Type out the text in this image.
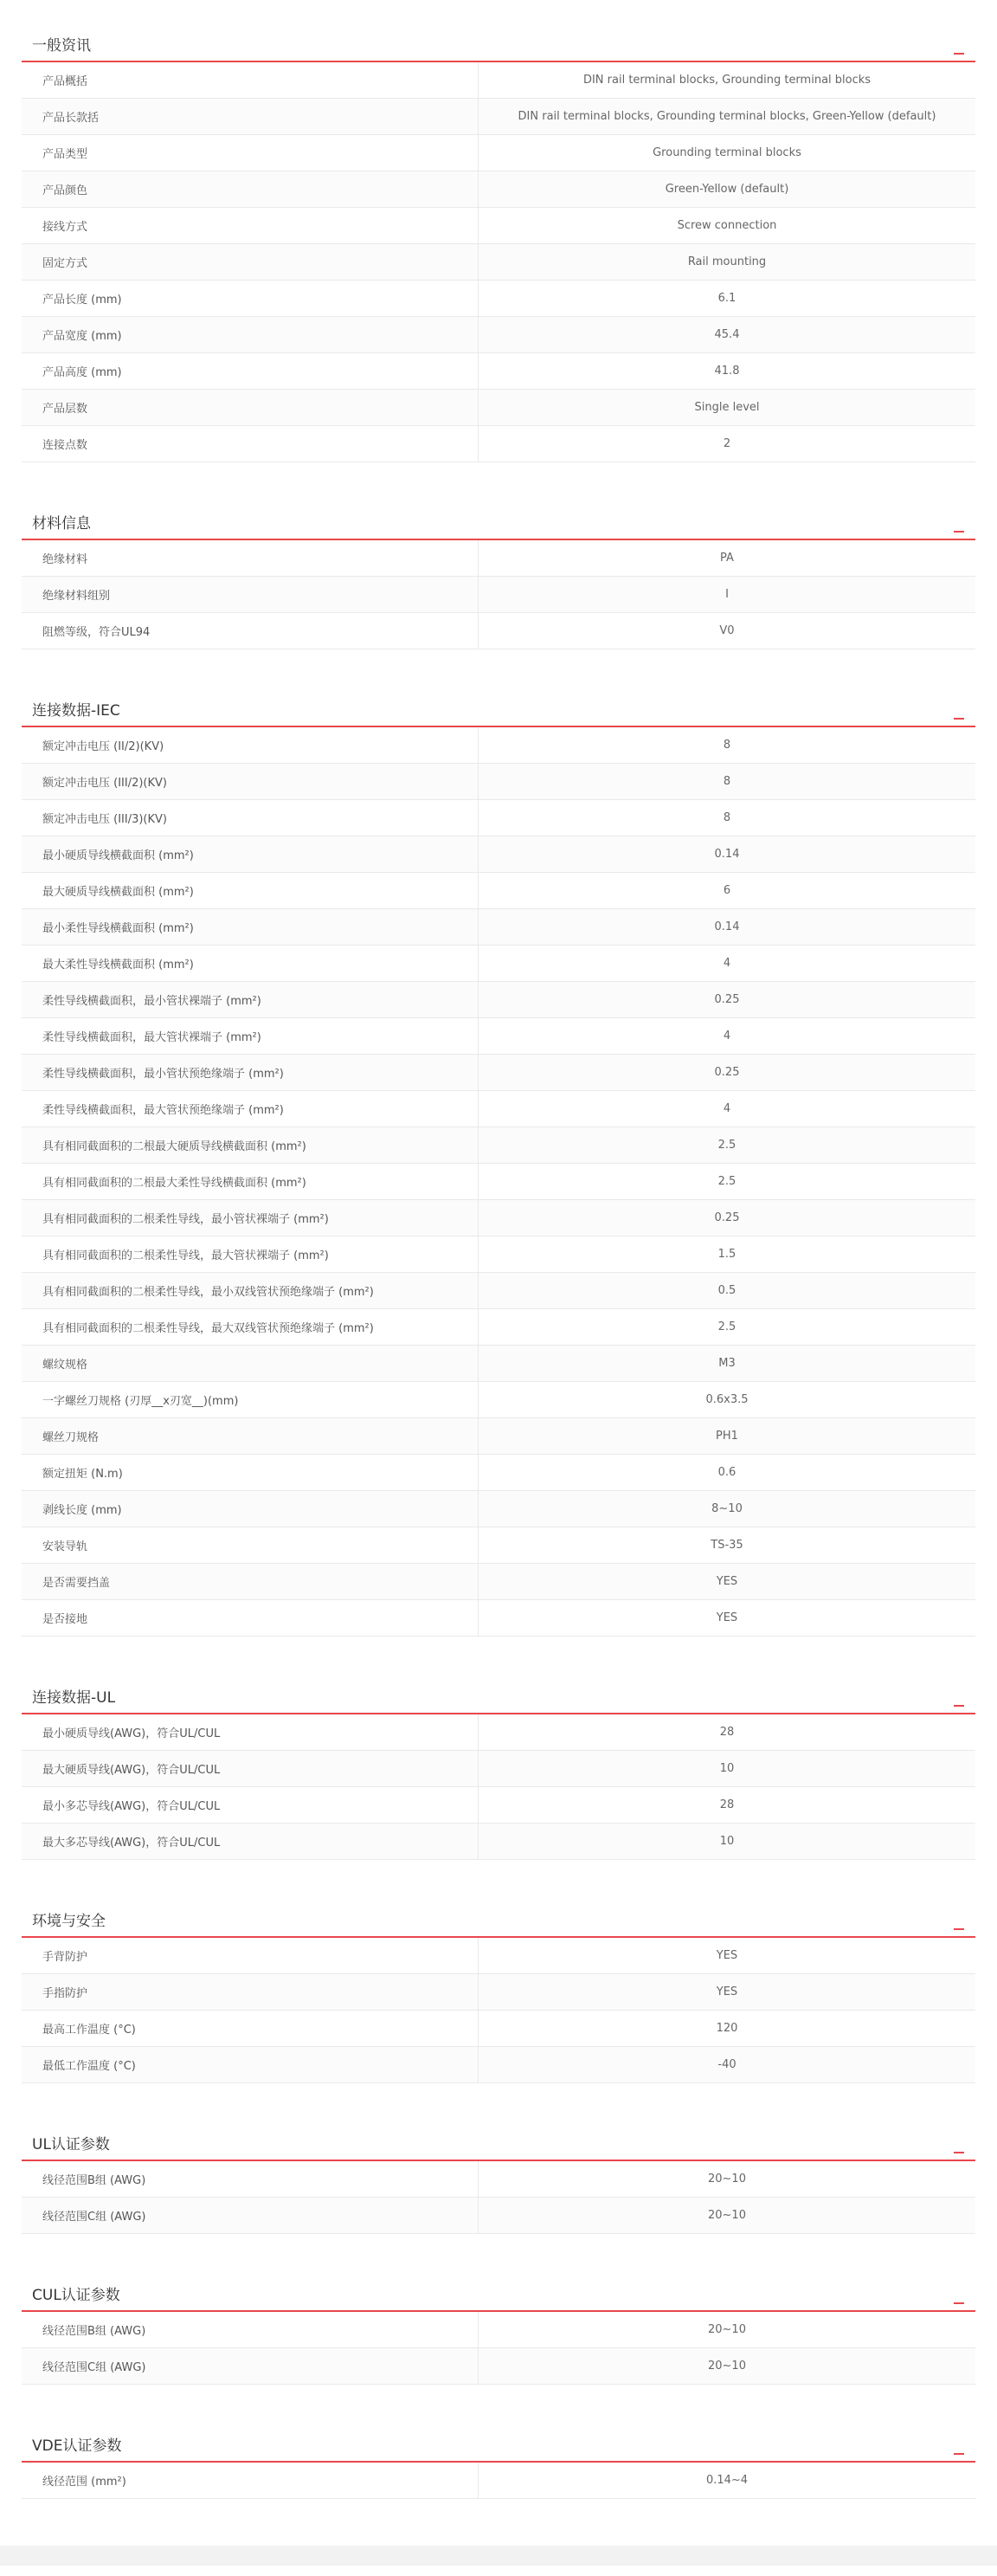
一般资讯
产品概括	DIN rail terminal blocks, Grounding terminal blocks
产品长款括	DIN rail terminal blocks, Grounding terminal blocks, Green-Yellow (default)
产品类型	Grounding terminal blocks
产品颜色	Green-Yellow (default)
接线方式	Screw connection
固定方式	Rail mounting
产品长度 (mm)	6.1
产品宽度 (mm)	45.4
产品高度 (mm)	41.8
产品层数	Single level
连接点数	2
材料信息
绝缘材料	PA
绝缘材料组别	I
阻燃等级，符合UL94	V0
连接数据-IEC
额定冲击电压 (II/2)(KV)	8
额定冲击电压 (III/2)(KV)	8
额定冲击电压 (III/3)(KV)	8
最小硬质导线横截面积 (mm²)	0.14
最大硬质导线横截面积 (mm²)	6
最小柔性导线横截面积 (mm²)	0.14
最大柔性导线横截面积 (mm²)	4
柔性导线横截面积，最小管状裸端子 (mm²)	0.25
柔性导线横截面积，最大管状裸端子 (mm²)	4
柔性导线横截面积，最小管状预绝缘端子 (mm²)	0.25
柔性导线横截面积，最大管状预绝缘端子 (mm²)	4
具有相同截面积的二根最大硬质导线横截面积 (mm²)	2.5
具有相同截面积的二根最大柔性导线横截面积 (mm²)	2.5
具有相同截面积的二根柔性导线，最小管状裸端子 (mm²)	0.25
具有相同截面积的二根柔性导线，最大管状裸端子 (mm²)	1.5
具有相同截面积的二根柔性导线，最小双线管状预绝缘端子 (mm²)	0.5
具有相同截面积的二根柔性导线，最大双线管状预绝缘端子 (mm²)	2.5
螺纹规格	M3
一字螺丝刀规格 (刃厚__x刃宽__)(mm)	0.6x3.5
螺丝刀规格	PH1
额定扭矩 (N.m)	0.6
剥线长度 (mm)	8~10
安装导轨	TS-35
是否需要挡盖	YES
是否接地	YES
连接数据-UL
最小硬质导线(AWG)，符合UL/CUL	28
最大硬质导线(AWG)，符合UL/CUL	10
最小多芯导线(AWG)，符合UL/CUL	28
最大多芯导线(AWG)，符合UL/CUL	10
环境与安全
手背防护	YES
手指防护	YES
最高工作温度 (°C)	120
最低工作温度 (°C)	-40
UL认证参数
线径范围B组 (AWG)	20~10
线径范围C组 (AWG)	20~10
CUL认证参数
线径范围B组 (AWG)	20~10
线径范围C组 (AWG)	20~10
VDE认证参数
线径范围 (mm²)	0.14~4
